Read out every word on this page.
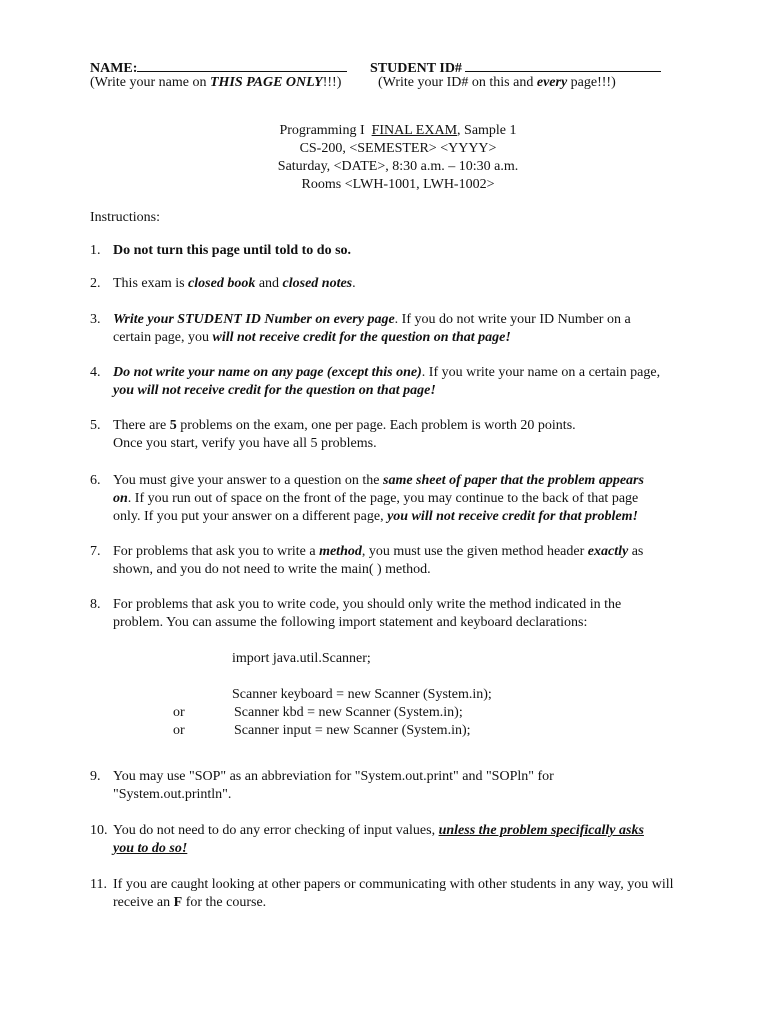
NAME:	STUDENT ID#
(Write your name on THIS PAGE ONLY!!!)	(Write your ID# on this and every page!!!)
Programming I FINAL EXAM, Sample 1
CS-200, <SEMESTER> <YYYY>
Saturday, <DATE>, 8:30 a.m. – 10:30 a.m.
Rooms <LWH-1001, LWH-1002>
Instructions:
1. Do not turn this page until told to do so.
2. This exam is closed book and closed notes.
3. Write your STUDENT ID Number on every page. If you do not write your ID Number on a
certain page, you will not receive credit for the question on that page!
4. Do not write your name on any page (except this one). If you write your name on a certain page,
you will not receive credit for the question on that page!
5. There are 5 problems on the exam, one per page. Each problem is worth 20 points.
Once you start, verify you have all 5 problems.
6. You must give your answer to a question on the same sheet of paper that the problem appears
on. If you run out of space on the front of the page, you may continue to the back of that page
only. If you put your answer on a different page, you will not receive credit for that problem!
7. For problems that ask you to write a method, you must use the given method header exactly as
shown, and you do not need to write the main( ) method.
8. For problems that ask you to write code, you should only write the method indicated in the
problem. You can assume the following import statement and keyboard declarations:
import java.util.Scanner;
Scanner keyboard = new Scanner (System.in);
or	Scanner kbd = new Scanner (System.in);
or	Scanner input = new Scanner (System.in);
9. You may use "SOP" as an abbreviation for "System.out.print" and "SOPln" for
"System.out.println".
10. You do not need to do any error checking of input values, unless the problem specifically asks
you to do so!
11. If you are caught looking at other papers or communicating with other students in any way, you will
receive an F for the course.
